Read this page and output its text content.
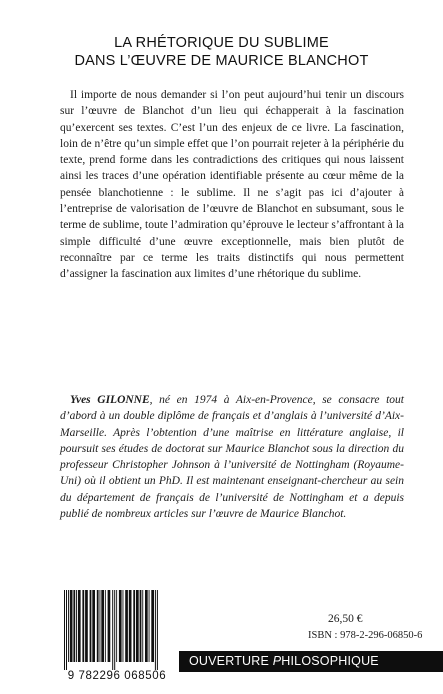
LA RHÉTORIQUE DU SUBLIME
DANS L’ŒUVRE DE MAURICE BLANCHOT

Il importe de nous demander si l’on peut aujourd’hui tenir un discours sur l’œuvre de Blanchot d’un lieu qui échapperait à la fascination qu’exercent ses textes. C’est l’un des enjeux de ce livre. La fascination, loin de n’être qu’un simple effet que l’on pourrait rejeter à la périphérie du texte, prend forme dans les contradictions des critiques qui nous laissent ainsi les traces d’une opération identifiable présente au cœur même de la pensée blanchotienne : le sublime. Il ne s’agit pas ici d’ajouter à l’entreprise de valorisation de l’œuvre de Blanchot en subsumant, sous le terme de sublime, toute l’admiration qu’éprouve le lecteur s’affrontant à la simple difficulté d’une œuvre exceptionnelle, mais bien plutôt de reconnaître par ce terme les traits distinctifs qui nous permettent d’assigner la fascination aux limites d’une rhétorique du sublime.

Yves GILONNE, né en 1974 à Aix-en-Provence, se consacre tout d’abord à un double diplôme de français et d’anglais à l’université d’Aix-Marseille. Après l’obtention d’une maîtrise en littérature anglaise, il poursuit ses études de doctorat sur Maurice Blanchot sous la direction du professeur Christopher Johnson à l’université de Nottingham (Royaume-Uni) où il obtient un PhD. Il est maintenant enseignant-chercheur au sein du département de français de l’université de Nottingham et a depuis publié de nombreux articles sur l’œuvre de Maurice Blanchot.

9 782296 068506
26,50 €
ISBN : 978-2-296-06850-6
OUVERTURE PHILOSOPHIQUE
